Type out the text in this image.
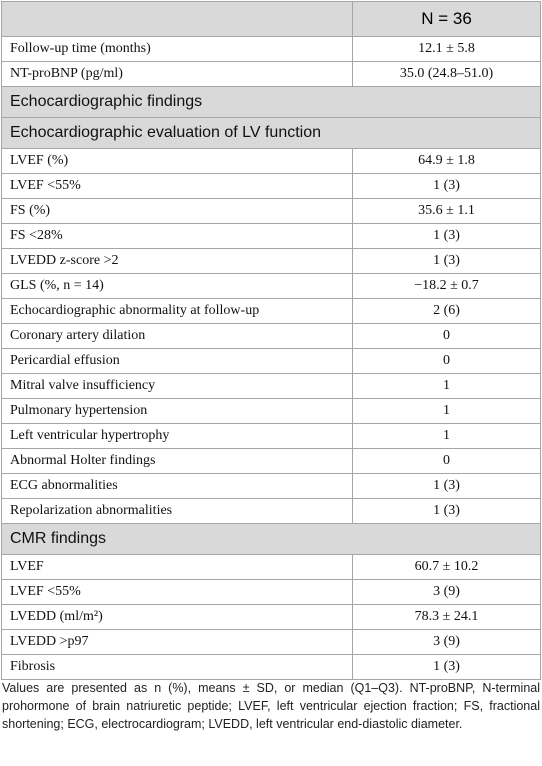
	N = 36
Follow-up time (months)	12.1 ± 5.8
NT-proBNP (pg/ml)	35.0 (24.8–51.0)
Echocardiographic findings	
Echocardiographic evaluation of LV function	
LVEF (%)	64.9 ± 1.8
LVEF <55%	1 (3)
FS (%)	35.6 ± 1.1
FS <28%	1 (3)
LVEDD z-score >2	1 (3)
GLS (%, n = 14)	−18.2 ± 0.7
Echocardiographic abnormality at follow-up	2 (6)
Coronary artery dilation	0
Pericardial effusion	0
Mitral valve insufficiency	1
Pulmonary hypertension	1
Left ventricular hypertrophy	1
Abnormal Holter findings	0
ECG abnormalities	1 (3)
Repolarization abnormalities	1 (3)
CMR findings	
LVEF	60.7 ± 10.2
LVEF <55%	3 (9)
LVEDD (ml/m²)	78.3 ± 24.1
LVEDD >p97	3 (9)
Fibrosis	1 (3)
Values are presented as n (%), means ± SD, or median (Q1–Q3). NT-proBNP, N-terminal prohormone of brain natriuretic peptide; LVEF, left ventricular ejection fraction; FS, fractional shortening; ECG, electrocardiogram; LVEDD, left ventricular end-diastolic diameter.
